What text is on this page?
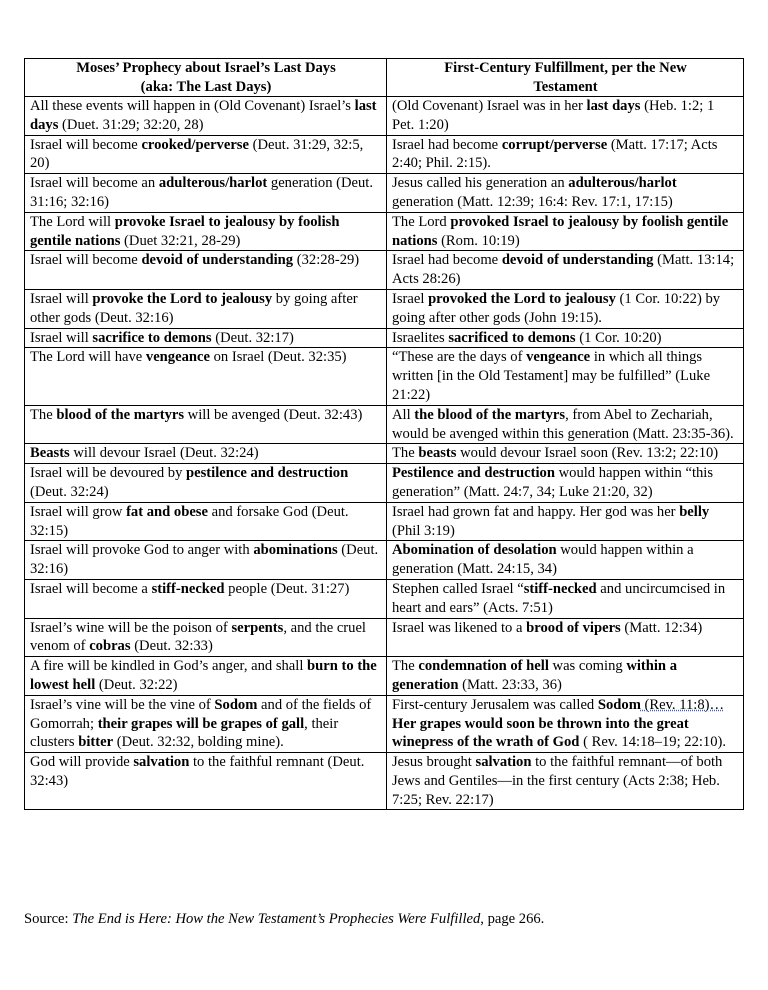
Moses’ Prophecy about Israel’s Last Days
(aka: The Last Days)	First-Century Fulfillment, per the New
Testament

All these events will happen in (Old Covenant) Israel’s last days (Duet. 31:29; 32:20, 28)	(Old Covenant) Israel was in her last days (Heb. 1:2; 1 Pet. 1:20)
Israel will become crooked/perverse (Deut. 31:29, 32:5, 20)	Israel had become corrupt/perverse (Matt. 17:17; Acts 2:40; Phil. 2:15).
Israel will become an adulterous/harlot generation (Deut. 31:16; 32:16)	Jesus called his generation an adulterous/harlot generation (Matt. 12:39; 16:4: Rev. 17:1, 17:15)
The Lord will provoke Israel to jealousy by foolish gentile nations (Duet 32:21, 28-29)	The Lord provoked Israel to jealousy by foolish gentile nations (Rom. 10:19)
Israel will become devoid of understanding (32:28-29)	Israel had become devoid of understanding (Matt. 13:14; Acts 28:26)
Israel will provoke the Lord to jealousy by going after other gods (Deut. 32:16)	Israel provoked the Lord to jealousy (1 Cor. 10:22) by going after other gods (John 19:15).
Israel will sacrifice to demons (Deut. 32:17)	Israelites sacrificed to demons (1 Cor. 10:20)
The Lord will have vengeance on Israel (Deut. 32:35)	“These are the days of vengeance in which all things written [in the Old Testament] may be fulfilled” (Luke 21:22)
The blood of the martyrs will be avenged (Deut. 32:43)	All the blood of the martyrs, from Abel to Zechariah, would be avenged within this generation (Matt. 23:35-36).
Beasts will devour Israel (Deut. 32:24)	The beasts would devour Israel soon (Rev. 13:2; 22:10)
Israel will be devoured by pestilence and destruction (Deut. 32:24)	Pestilence and destruction would happen within “this generation” (Matt. 24:7, 34; Luke 21:20, 32)
Israel will grow fat and obese and forsake God (Deut. 32:15)	Israel had grown fat and happy. Her god was her belly (Phil 3:19)
Israel will provoke God to anger with abominations (Deut. 32:16)	Abomination of desolation would happen within a generation (Matt. 24:15, 34)
Israel will become a stiff-necked people (Deut. 31:27)	Stephen called Israel “stiff-necked and uncircumcised in heart and ears” (Acts. 7:51)
Israel’s wine will be the poison of serpents, and the cruel venom of cobras (Deut. 32:33)	Israel was likened to a brood of vipers (Matt. 12:34)
A fire will be kindled in God’s anger, and shall burn to the lowest hell (Deut. 32:22)	The condemnation of hell was coming within a generation (Matt. 23:33, 36)
Israel’s vine will be the vine of Sodom and of the fields of Gomorrah; their grapes will be grapes of gall, their clusters bitter (Deut. 32:32, bolding mine).	First-century Jerusalem was called Sodom (Rev. 11:8)…Her grapes would soon be thrown into the great winepress of the wrath of God ( Rev. 14:18–19; 22:10).
God will provide salvation to the faithful remnant (Deut. 32:43)	Jesus brought salvation to the faithful remnant—of both Jews and Gentiles—in the first century (Acts 2:38; Heb. 7:25; Rev. 22:17)
Source: The End is Here: How the New Testament’s Prophecies Were Fulfilled, page 266.
